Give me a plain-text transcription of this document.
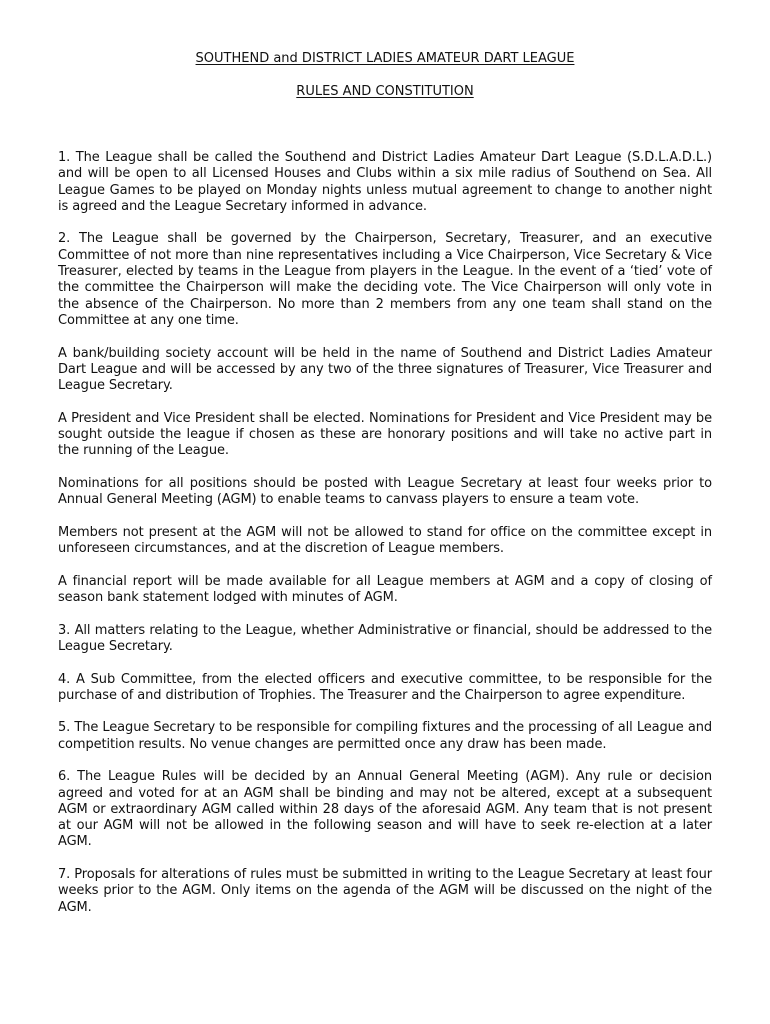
SOUTHEND and DISTRICT LADIES AMATEUR DART LEAGUE
RULES AND CONSTITUTION

1. The League shall be called the Southend and District Ladies Amateur Dart League (S.D.L.A.D.L.) and will be open to all Licensed Houses and Clubs within a six mile radius of Southend on Sea. All League Games to be played on Monday nights unless mutual agreement to change to another night is agreed and the League Secretary informed in advance.

2. The League shall be governed by the Chairperson, Secretary, Treasurer, and an executive Committee of not more than nine representatives including a Vice Chairperson, Vice Secretary & Vice Treasurer, elected by teams in the League from players in the League. In the event of a ‘tied’ vote of the committee the Chairperson will make the deciding vote. The Vice Chairperson will only vote in the absence of the Chairperson. No more than 2 members from any one team shall stand on the Committee at any one time.

A bank/building society account will be held in the name of Southend and District Ladies Amateur Dart League and will be accessed by any two of the three signatures of Treasurer, Vice Treasurer and League Secretary.

A President and Vice President shall be elected. Nominations for President and Vice President may be sought outside the league if chosen as these are honorary positions and will take no active part in the running of the League.

Nominations for all positions should be posted with League Secretary at least four weeks prior to Annual General Meeting (AGM) to enable teams to canvass players to ensure a team vote.

Members not present at the AGM will not be allowed to stand for office on the committee except in unforeseen circumstances, and at the discretion of League members.

A financial report will be made available for all League members at AGM and a copy of closing of season bank statement lodged with minutes of AGM.

3. All matters relating to the League, whether Administrative or financial, should be addressed to the League Secretary.

4. A Sub Committee, from the elected officers and executive committee, to be responsible for the purchase of and distribution of Trophies. The Treasurer and the Chairperson to agree expenditure.

5. The League Secretary to be responsible for compiling fixtures and the processing of all League and competition results. No venue changes are permitted once any draw has been made.

6. The League Rules will be decided by an Annual General Meeting (AGM). Any rule or decision agreed and voted for at an AGM shall be binding and may not be altered, except at a subsequent AGM or extraordinary AGM called within 28 days of the aforesaid AGM. Any team that is not present at our AGM will not be allowed in the following season and will have to seek re-election at a later AGM.

7. Proposals for alterations of rules must be submitted in writing to the League Secretary at least four weeks prior to the AGM. Only items on the agenda of the AGM will be discussed on the night of the AGM.
